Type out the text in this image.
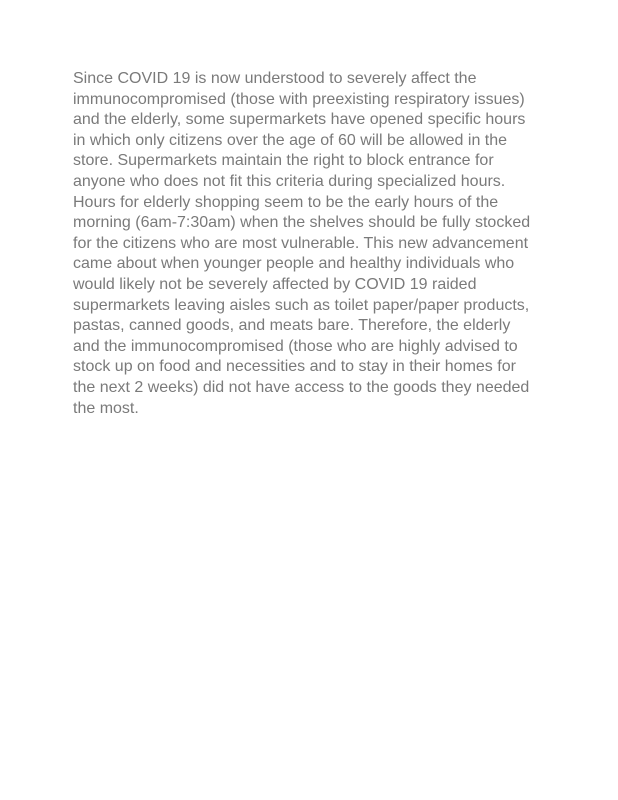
Since COVID 19 is now understood to severely affect the
immunocompromised (those with preexisting respiratory issues)
and the elderly, some supermarkets have opened specific hours
in which only citizens over the age of 60 will be allowed in the
store. Supermarkets maintain the right to block entrance for
anyone who does not fit this criteria during specialized hours.
Hours for elderly shopping seem to be the early hours of the
morning (6am-7:30am) when the shelves should be fully stocked
for the citizens who are most vulnerable. This new advancement
came about when younger people and healthy individuals who
would likely not be severely affected by COVID 19 raided
supermarkets leaving aisles such as toilet paper/paper products,
pastas, canned goods, and meats bare. Therefore, the elderly
and the immunocompromised (those who are highly advised to
stock up on food and necessities and to stay in their homes for
the next 2 weeks) did not have access to the goods they needed
the most.
